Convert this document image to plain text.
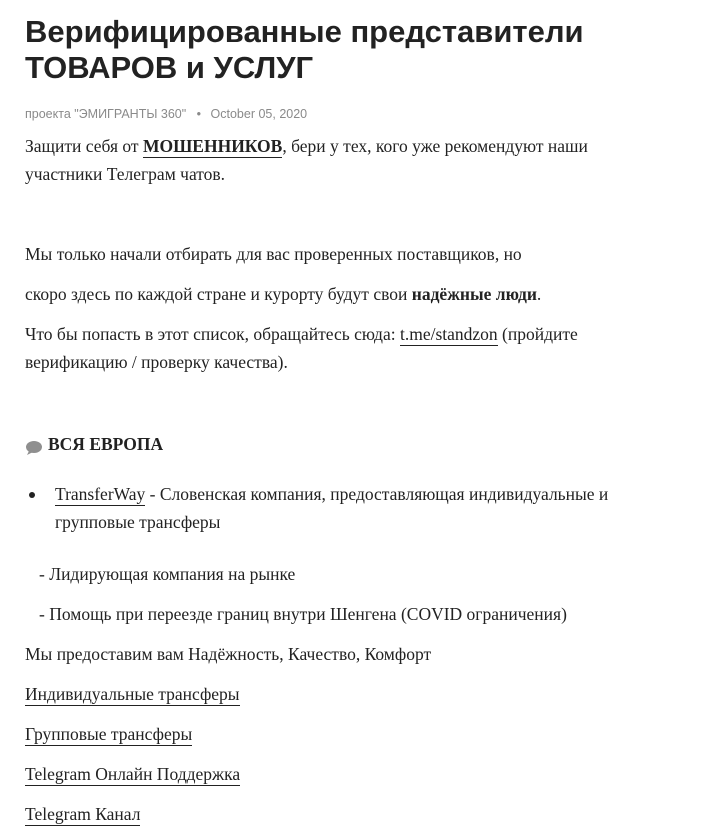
Верифицированные представители
ТОВАРОВ и УСЛУГ
проекта "ЭМИГРАНТЫ 360" • October 05, 2020

Защити себя от МОШЕННИКОВ, бери у тех, кого уже рекомендуют наши
участники Телеграм чатов.

Мы только начали отбирать для вас проверенных поставщиков, но

скоро здесь по каждой стране и курорту будут свои надёжные люди.

Что бы попасть в этот список, обращайтесь сюда: t.me/standzon (пройдите
верификацию / проверку качества).

ВСЯ ЕВРОПА
TransferWay - Словенская компания, предоставляющая индивидуальные и
групповые трансферы

- Лидирующая компания на рынке

- Помощь при переезде границ внутри Шенгена (COVID ограничения)

Мы предоставим вам Надёжность, Качество, Комфорт

Индивидуальные трансферы

Групповые трансферы

Telegram Онлайн Поддержка

Telegram Канал
